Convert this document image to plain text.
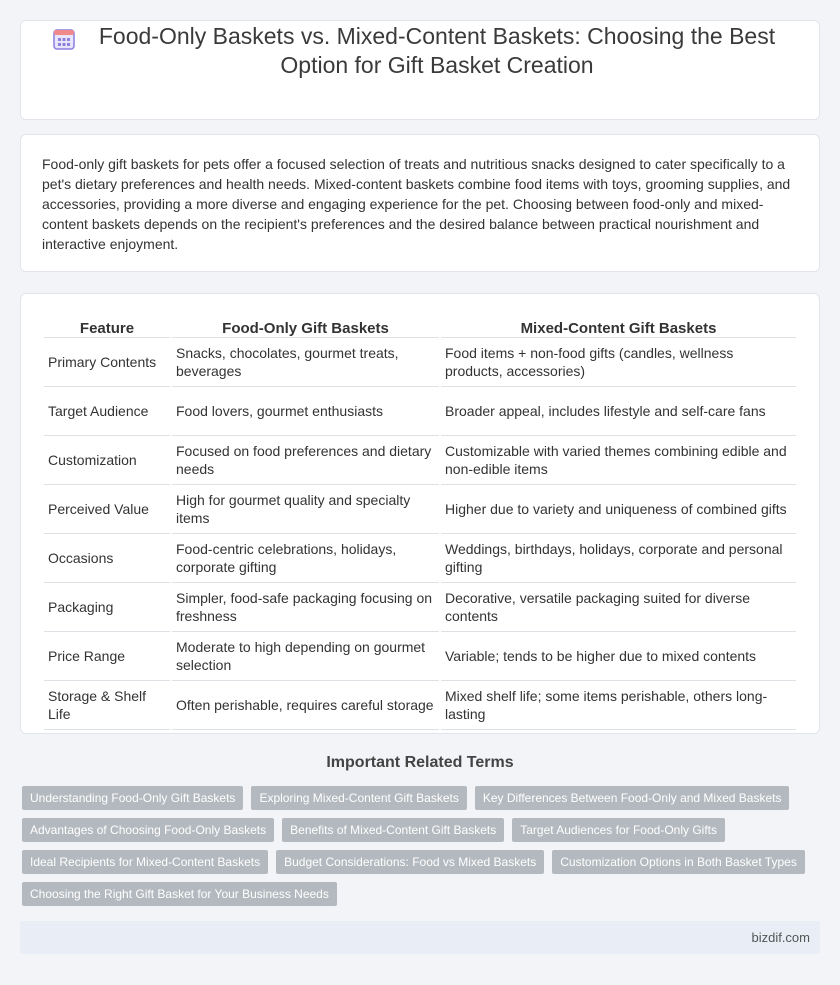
Food-Only Baskets vs. Mixed-Content Baskets: Choosing the Best Option for Gift Basket Creation

Food-only gift baskets for pets offer a focused selection of treats and nutritious snacks designed to cater specifically to a pet's dietary preferences and health needs. Mixed-content baskets combine food items with toys, grooming supplies, and accessories, providing a more diverse and engaging experience for the pet. Choosing between food-only and mixed-content baskets depends on the recipient's preferences and the desired balance between practical nourishment and interactive enjoyment.

Feature	Food-Only Gift Baskets	Mixed-Content Gift Baskets
Primary Contents	Snacks, chocolates, gourmet treats, beverages	Food items + non-food gifts (candles, wellness products, accessories)
Target Audience	Food lovers, gourmet enthusiasts	Broader appeal, includes lifestyle and self-care fans
Customization	Focused on food preferences and dietary needs	Customizable with varied themes combining edible and non-edible items
Perceived Value	High for gourmet quality and specialty items	Higher due to variety and uniqueness of combined gifts
Occasions	Food-centric celebrations, holidays, corporate gifting	Weddings, birthdays, holidays, corporate and personal gifting
Packaging	Simpler, food-safe packaging focusing on freshness	Decorative, versatile packaging suited for diverse contents
Price Range	Moderate to high depending on gourmet selection	Variable; tends to be higher due to mixed contents
Storage & Shelf Life	Often perishable, requires careful storage	Mixed shelf life; some items perishable, others long-lasting
Important Related Terms
Understanding Food-Only Gift Baskets	Exploring Mixed-Content Gift Baskets	Key Differences Between Food-Only and Mixed Baskets
Advantages of Choosing Food-Only Baskets	Benefits of Mixed-Content Gift Baskets	Target Audiences for Food-Only Gifts
Ideal Recipients for Mixed-Content Baskets	Budget Considerations: Food vs Mixed Baskets	Customization Options in Both Basket Types
Choosing the Right Gift Basket for Your Business Needs
bizdif.com
